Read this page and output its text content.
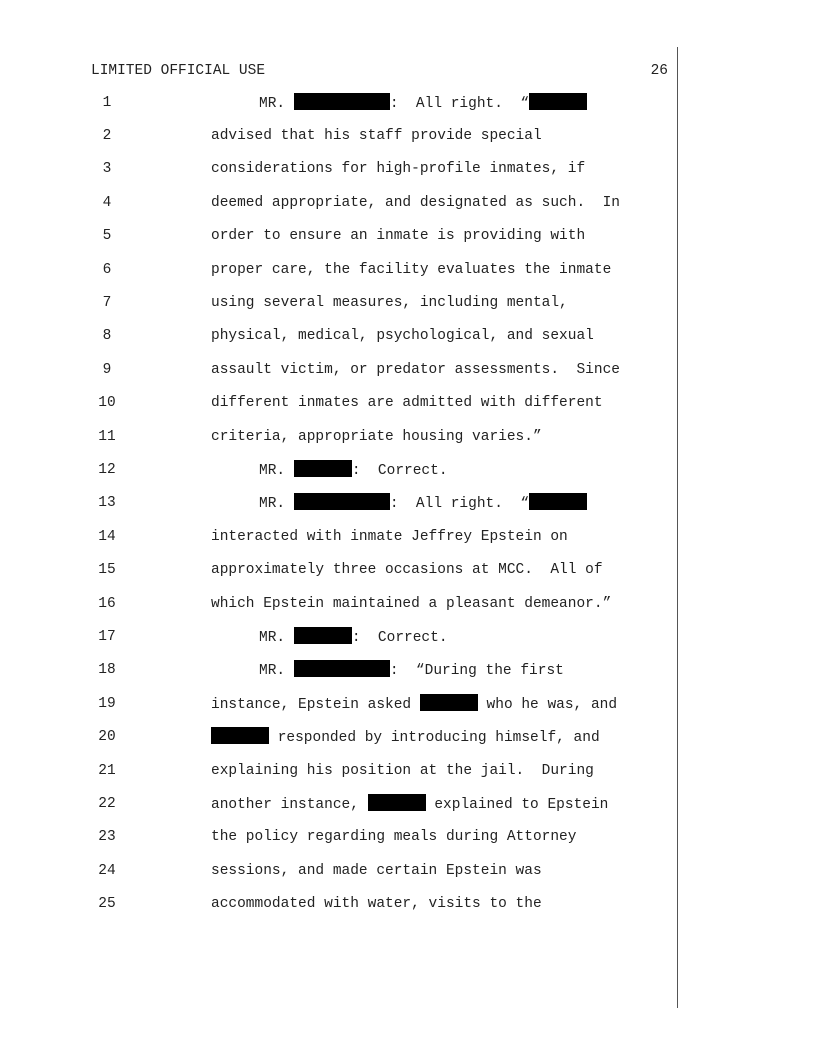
LIMITED OFFICIAL USE	26
1	MR.	:  All right.  “
2	advised that his staff provide special
3	considerations for high-profile inmates, if
4	deemed appropriate, and designated as such.  In
5	order to ensure an inmate is providing with
6	proper care, the facility evaluates the inmate
7	using several measures, including mental,
8	physical, medical, psychological, and sexual
9	assault victim, or predator assessments.  Since
10	different inmates are admitted with different
11	criteria, appropriate housing varies.”
12	MR.	:  Correct.
13	MR.	:  All right.  “
14	interacted with inmate Jeffrey Epstein on
15	approximately three occasions at MCC.  All of
16	which Epstein maintained a pleasant demeanor.”
17	MR.	:  Correct.
18	MR.	:  “During the first
19	instance, Epstein asked	who he was, and
20	responded by introducing himself, and
21	explaining his position at the jail.  During
22	another instance,	explained to Epstein
23	the policy regarding meals during Attorney
24	sessions, and made certain Epstein was
25	accommodated with water, visits to the
